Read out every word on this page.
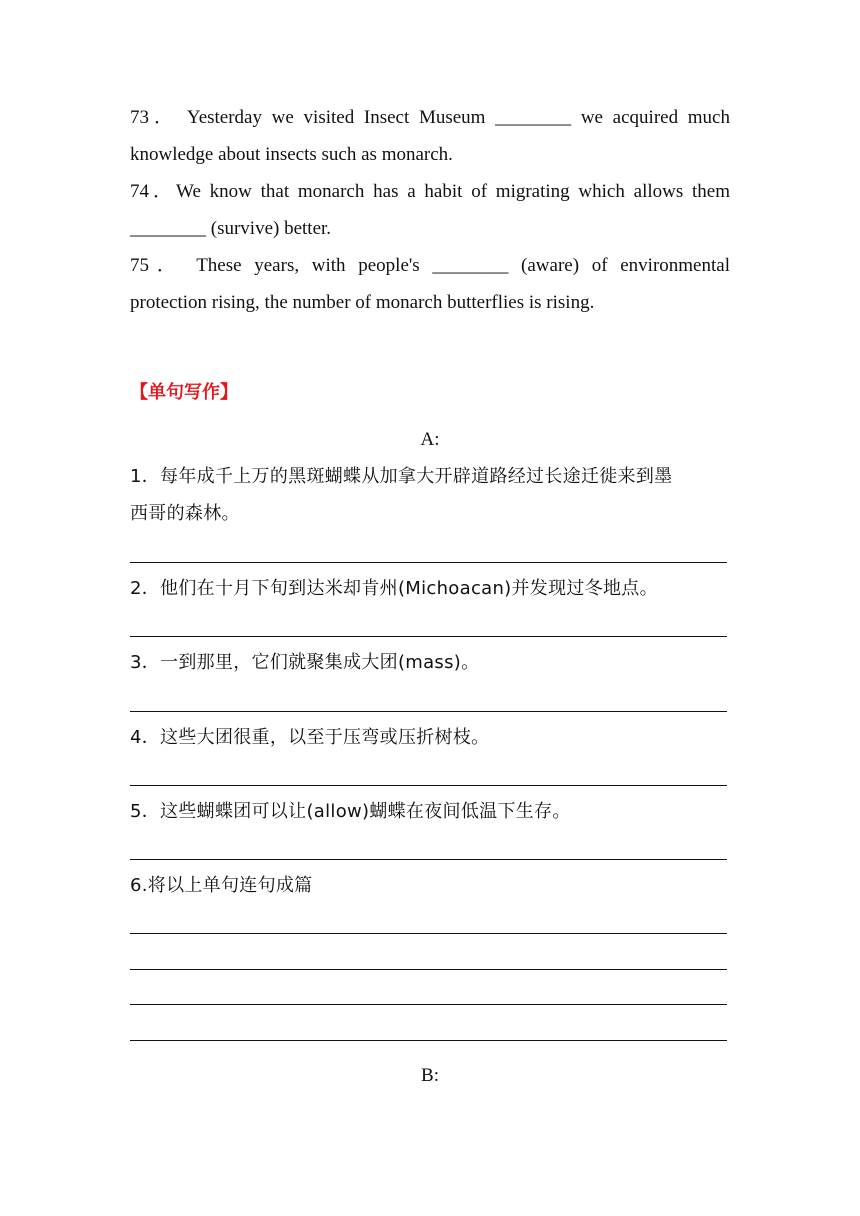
73． Yesterday we visited Insect Museum ________ we acquired much
knowledge about insects such as monarch.
74．We know that monarch has a habit of migrating which allows them
________ (survive) better.
75． These years, with people's ________ (aware) of environmental
protection rising, the number of monarch butterflies is rising.
【单句写作】
A:
1．每年成千上万的黑斑蝴蝶从加拿大开辟道路经过长途迁徙来到墨
西哥的森林。
2．他们在十月下旬到达米却肯州(Michoacan)并发现过冬地点。
3．一到那里，它们就聚集成大团(mass)。
4．这些大团很重，以至于压弯或压折树枝。
5．这些蝴蝶团可以让(allow)蝴蝶在夜间低温下生存。
6.将以上单句连句成篇
B:
